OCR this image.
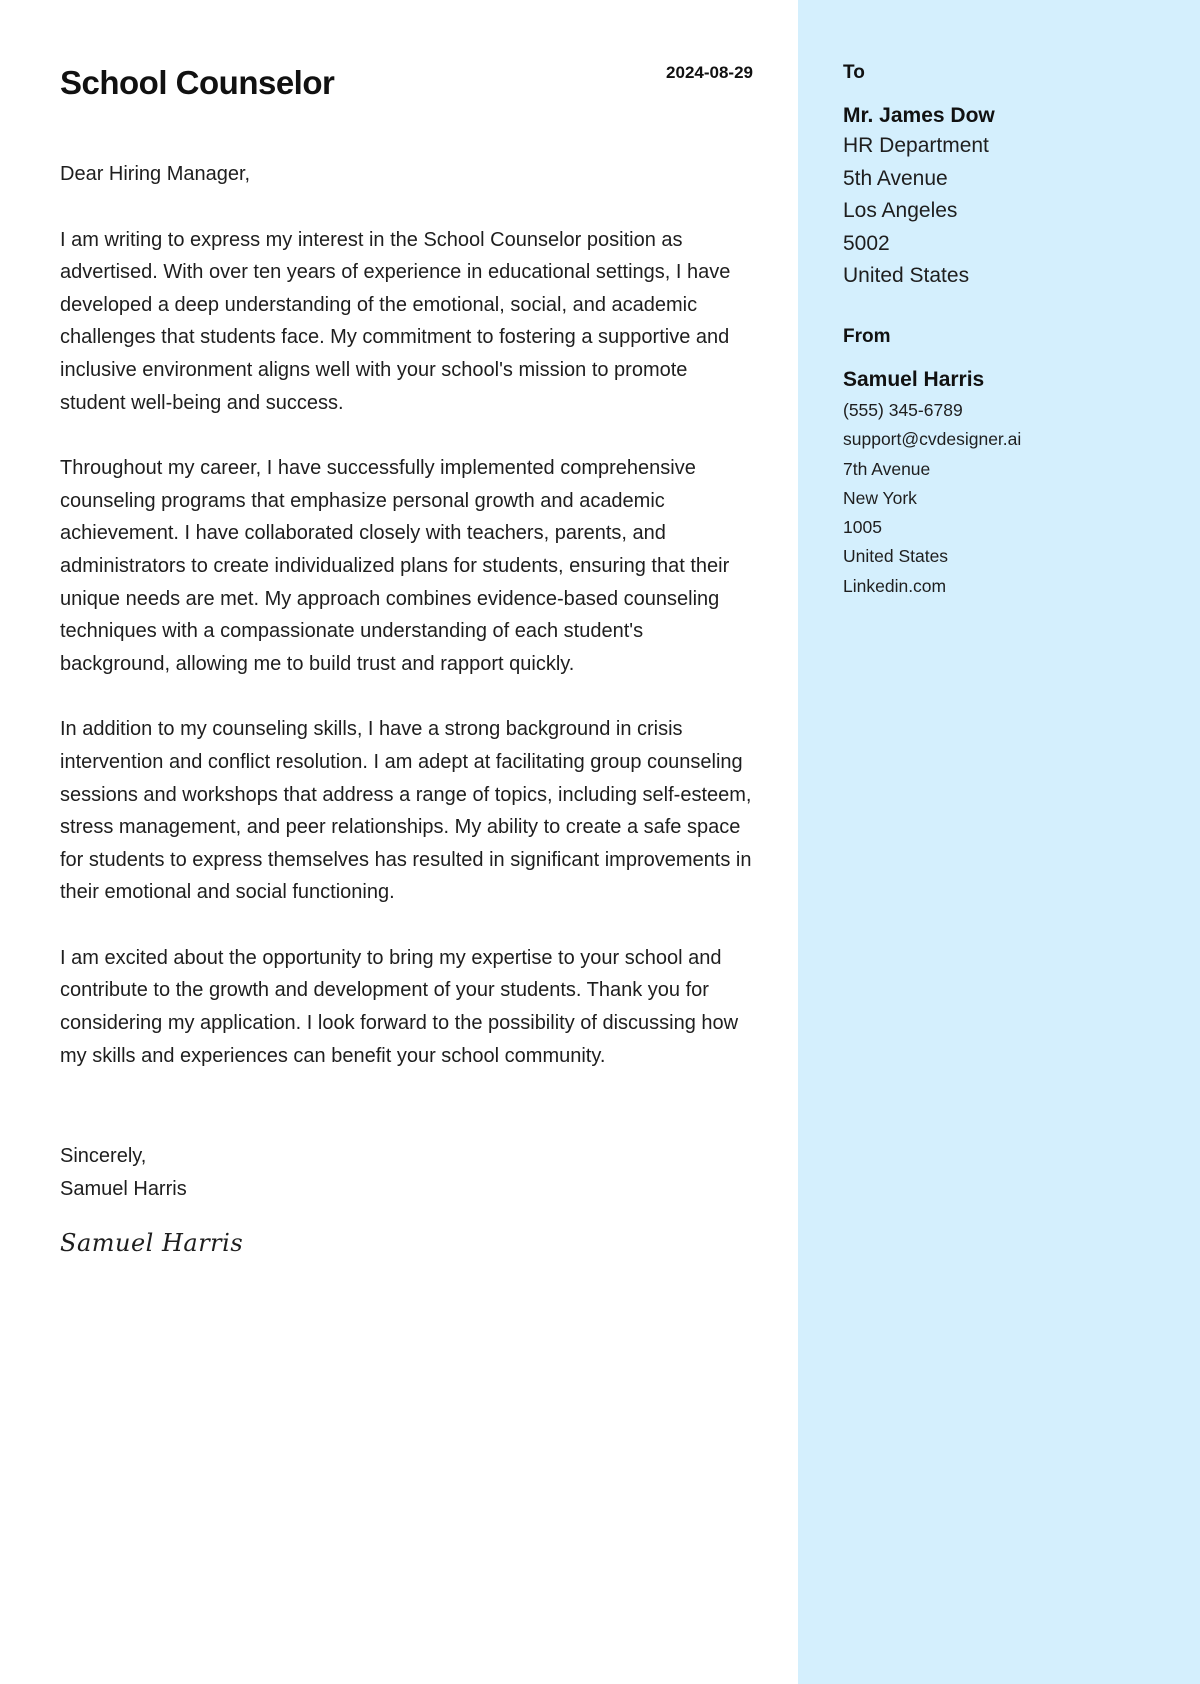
School Counselor	2024-08-29

Dear Hiring Manager,

I am writing to express my interest in the School Counselor position as advertised. With over ten years of experience in educational settings, I have developed a deep understanding of the emotional, social, and academic challenges that students face. My commitment to fostering a supportive and inclusive environment aligns well with your school's mission to promote student well-being and success.

Throughout my career, I have successfully implemented comprehensive counseling programs that emphasize personal growth and academic achievement. I have collaborated closely with teachers, parents, and administrators to create individualized plans for students, ensuring that their unique needs are met. My approach combines evidence-based counseling techniques with a compassionate understanding of each student's background, allowing me to build trust and rapport quickly.

In addition to my counseling skills, I have a strong background in crisis intervention and conflict resolution. I am adept at facilitating group counseling sessions and workshops that address a range of topics, including self-esteem, stress management, and peer relationships. My ability to create a safe space for students to express themselves has resulted in significant improvements in their emotional and social functioning.

I am excited about the opportunity to bring my expertise to your school and contribute to the growth and development of your students. Thank you for considering my application. I look forward to the possibility of discussing how my skills and experiences can benefit your school community.

Sincerely,
Samuel Harris
Samuel Harris
To
Mr. James Dow
HR Department
5th Avenue
Los Angeles
5002
United States
From
Samuel Harris
(555) 345-6789
support@cvdesigner.ai
7th Avenue
New York
1005
United States
Linkedin.com
